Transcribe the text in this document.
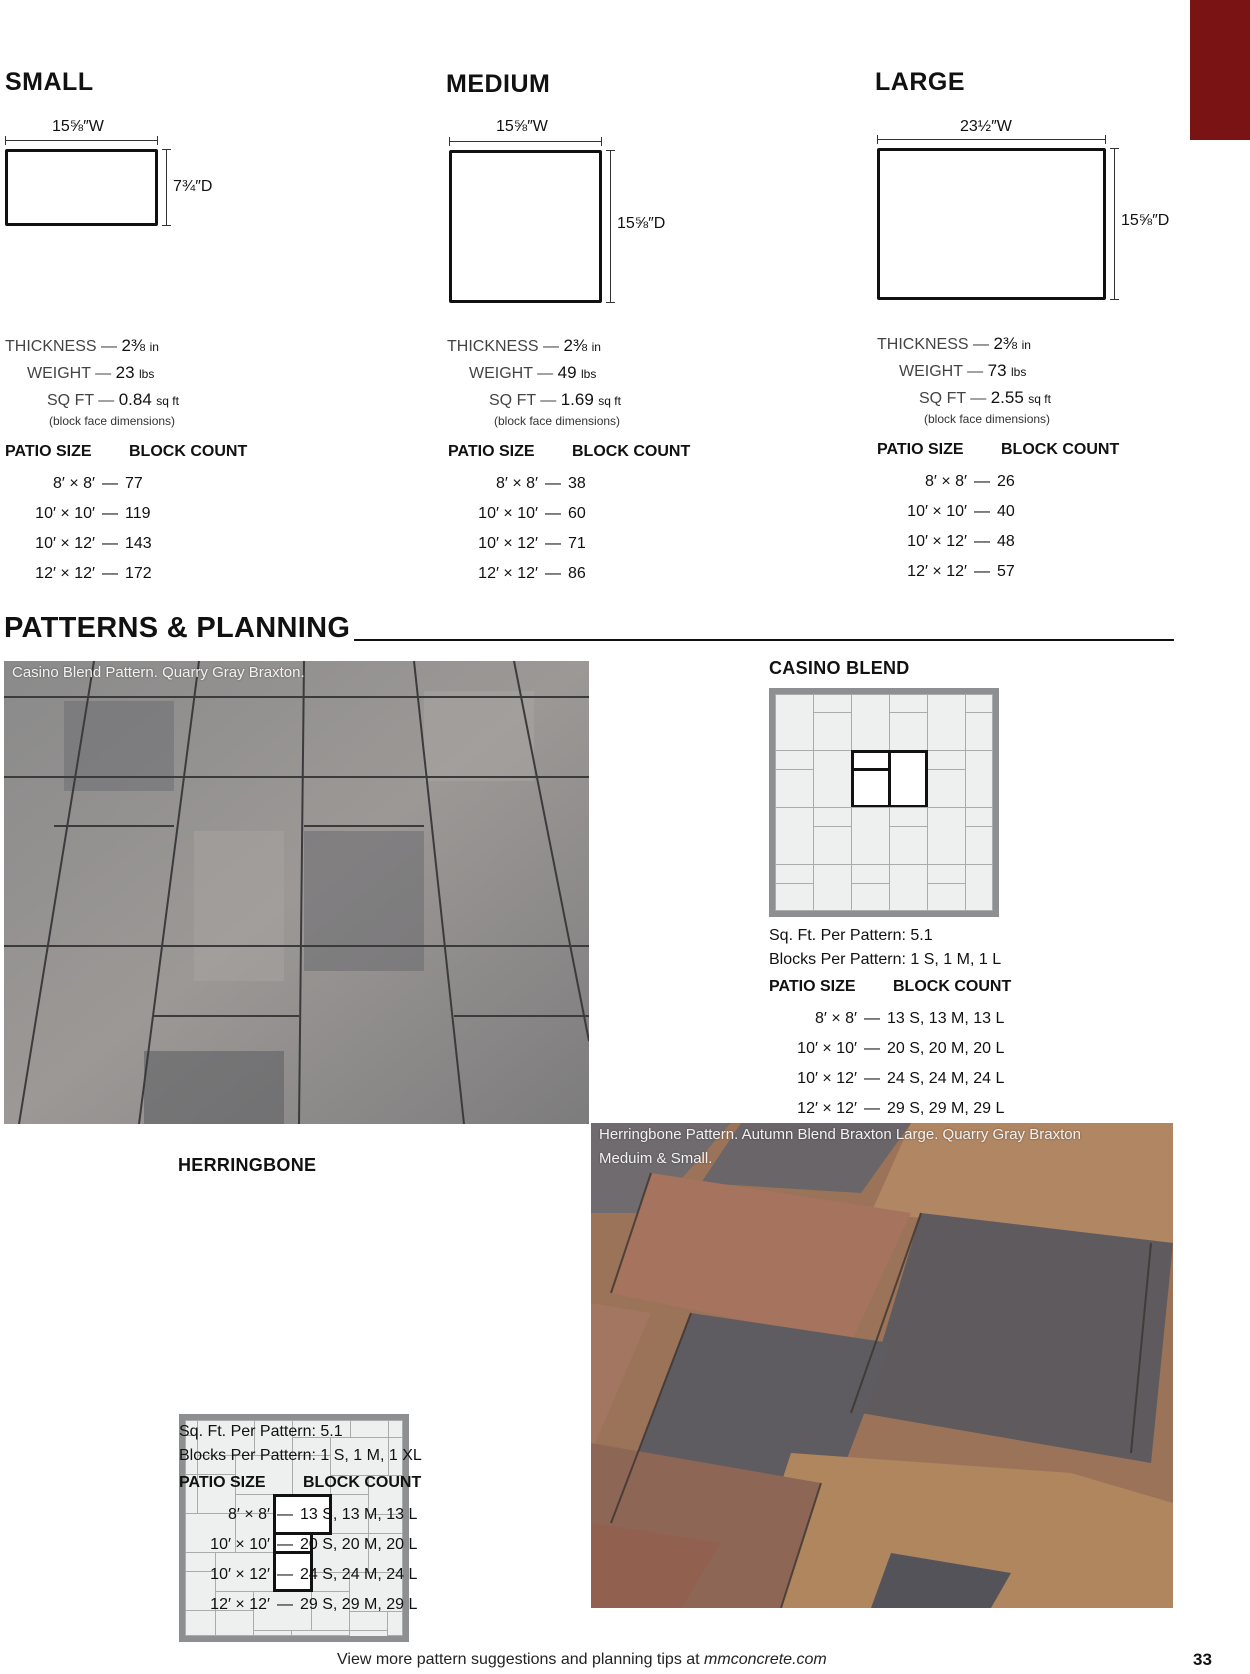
SMALL
15⅝″W
7¾″D
THICKNESS — 2⅜ in
WEIGHT — 23 lbs
SQ FT — 0.84 sq ft
(block face dimensions)
PATIO SIZE BLOCK COUNT
8′ × 8′ — 77
10′ × 10′ — 119
10′ × 12′ — 143
12′ × 12′ — 172
MEDIUM
15⅝″W
15⅝″D
THICKNESS — 2⅜ in
WEIGHT — 49 lbs
SQ FT — 1.69 sq ft
(block face dimensions)
PATIO SIZE BLOCK COUNT
8′ × 8′ — 38
10′ × 10′ — 60
10′ × 12′ — 71
12′ × 12′ — 86
LARGE
23½″W
15⅝″D
THICKNESS — 2⅜ in
WEIGHT — 73 lbs
SQ FT — 2.55 sq ft
(block face dimensions)
PATIO SIZE BLOCK COUNT
8′ × 8′ — 26
10′ × 10′ — 40
10′ × 12′ — 48
12′ × 12′ — 57
PATTERNS & PLANNING
Casino Blend Pattern. Quarry Gray Braxton.	CASINO BLEND
Sq. Ft. Per Pattern: 5.1
Blocks Per Pattern: 1 S, 1 M, 1 L
PATIO SIZE BLOCK COUNT
8′ × 8′ — 13 S, 13 M, 13 L
10′ × 10′ — 20 S, 20 M, 20 L
10′ × 12′ — 24 S, 24 M, 24 L
12′ × 12′ — 29 S, 29 M, 29 L
Herringbone Pattern. Autumn Blend Braxton Large. Quarry Gray Braxton
Meduim & Small.
HERRINGBONE
Sq. Ft. Per Pattern: 5.1
Blocks Per Pattern: 1 S, 1 M, 1 XL
PATIO SIZE BLOCK COUNT
8′ × 8′ — 13 S, 13 M, 13 L
10′ × 10′ — 20 S, 20 M, 20 L
10′ × 12′ — 24 S, 24 M, 24 L
12′ × 12′ — 29 S, 29 M, 29 L
View more pattern suggestions and planning tips at mmconcrete.com	33
